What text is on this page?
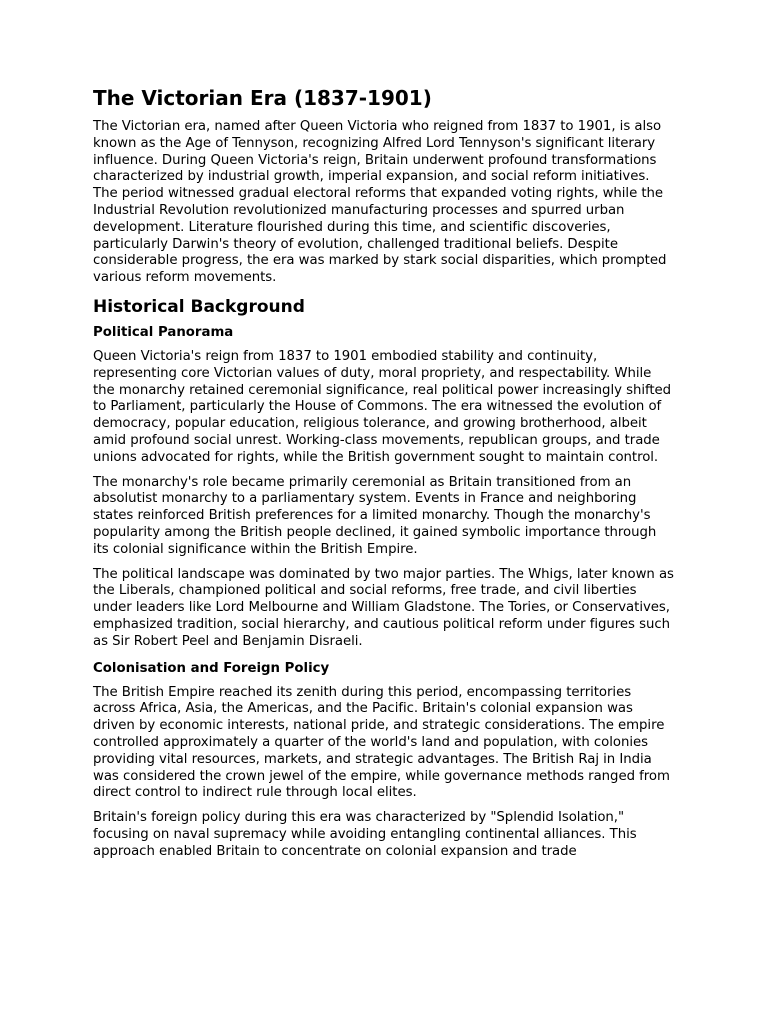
The Victorian Era (1837-1901)

The Victorian era, named after Queen Victoria who reigned from 1837 to 1901, is also known as the Age of Tennyson, recognizing Alfred Lord Tennyson's significant literary influence. During Queen Victoria's reign, Britain underwent profound transformations characterized by industrial growth, imperial expansion, and social reform initiatives. The period witnessed gradual electoral reforms that expanded voting rights, while the Industrial Revolution revolutionized manufacturing processes and spurred urban development. Literature flourished during this time, and scientific discoveries, particularly Darwin's theory of evolution, challenged traditional beliefs. Despite considerable progress, the era was marked by stark social disparities, which prompted various reform movements.

Historical Background
Political Panorama

Queen Victoria's reign from 1837 to 1901 embodied stability and continuity, representing core Victorian values of duty, moral propriety, and respectability. While the monarchy retained ceremonial significance, real political power increasingly shifted to Parliament, particularly the House of Commons. The era witnessed the evolution of democracy, popular education, religious tolerance, and growing brotherhood, albeit amid profound social unrest. Working-class movements, republican groups, and trade unions advocated for rights, while the British government sought to maintain control.

The monarchy's role became primarily ceremonial as Britain transitioned from an absolutist monarchy to a parliamentary system. Events in France and neighboring states reinforced British preferences for a limited monarchy. Though the monarchy's popularity among the British people declined, it gained symbolic importance through its colonial significance within the British Empire.

The political landscape was dominated by two major parties. The Whigs, later known as the Liberals, championed political and social reforms, free trade, and civil liberties under leaders like Lord Melbourne and William Gladstone. The Tories, or Conservatives, emphasized tradition, social hierarchy, and cautious political reform under figures such as Sir Robert Peel and Benjamin Disraeli.

Colonisation and Foreign Policy

The British Empire reached its zenith during this period, encompassing territories across Africa, Asia, the Americas, and the Pacific. Britain's colonial expansion was driven by economic interests, national pride, and strategic considerations. The empire controlled approximately a quarter of the world's land and population, with colonies providing vital resources, markets, and strategic advantages. The British Raj in India was considered the crown jewel of the empire, while governance methods ranged from direct control to indirect rule through local elites.

Britain's foreign policy during this era was characterized by "Splendid Isolation," focusing on naval supremacy while avoiding entangling continental alliances. This approach enabled Britain to concentrate on colonial expansion and trade
